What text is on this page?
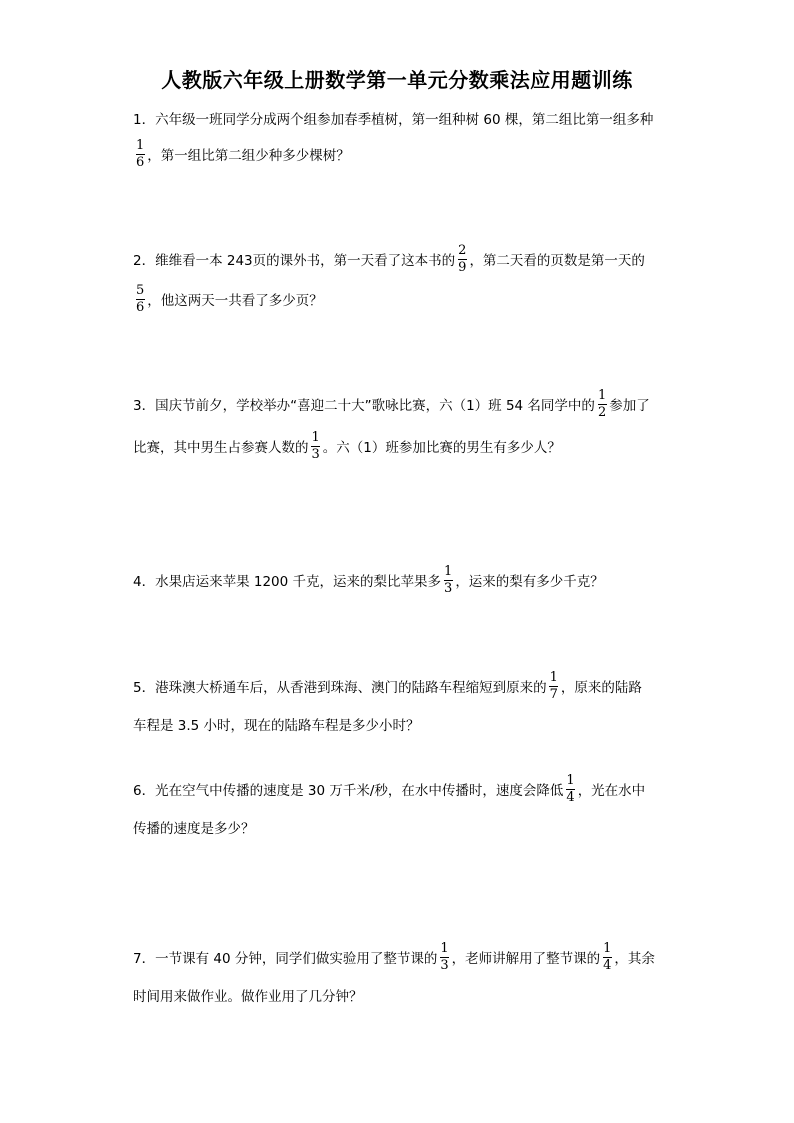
人教版六年级上册数学第一单元分数乘法应用题训练
1．六年级一班同学分成两个组参加春季植树，第一组种树 60 棵，第二组比第一组多种
$\frac{1}{6}$ ，第一组比第二组少种多少棵树？
2．维维看一本 243页的课外书，第一天看了这本书的 $\frac{2}{9}$ ，第二天看的页数是第一天的
$\frac{5}{6}$ ，他这两天一共看了多少页？
3．国庆节前夕，学校举办“喜迎二十大”歌咏比赛，六（1）班 54 名同学中的 $\frac{1}{2}$ 参加了
比赛，其中男生占参赛人数的 $\frac{1}{3}$ 。六（1）班参加比赛的男生有多少人？
4．水果店运来苹果 1200 千克，运来的梨比苹果多 $\frac{1}{3}$ ，运来的梨有多少千克？
5．港珠澳大桥通车后，从香港到珠海、澳门的陆路车程缩短到原来的 $\frac{1}{7}$ ，原来的陆路
车程是 3.5 小时，现在的陆路车程是多少小时？
6．光在空气中传播的速度是 30 万千米/秒，在水中传播时，速度会降低 $\frac{1}{4}$ ，光在水中
传播的速度是多少？
7．一节课有 40 分钟，同学们做实验用了整节课的 $\frac{1}{3}$ ，老师讲解用了整节课的 $\frac{1}{4}$ ，其余
时间用来做作业。做作业用了几分钟？
